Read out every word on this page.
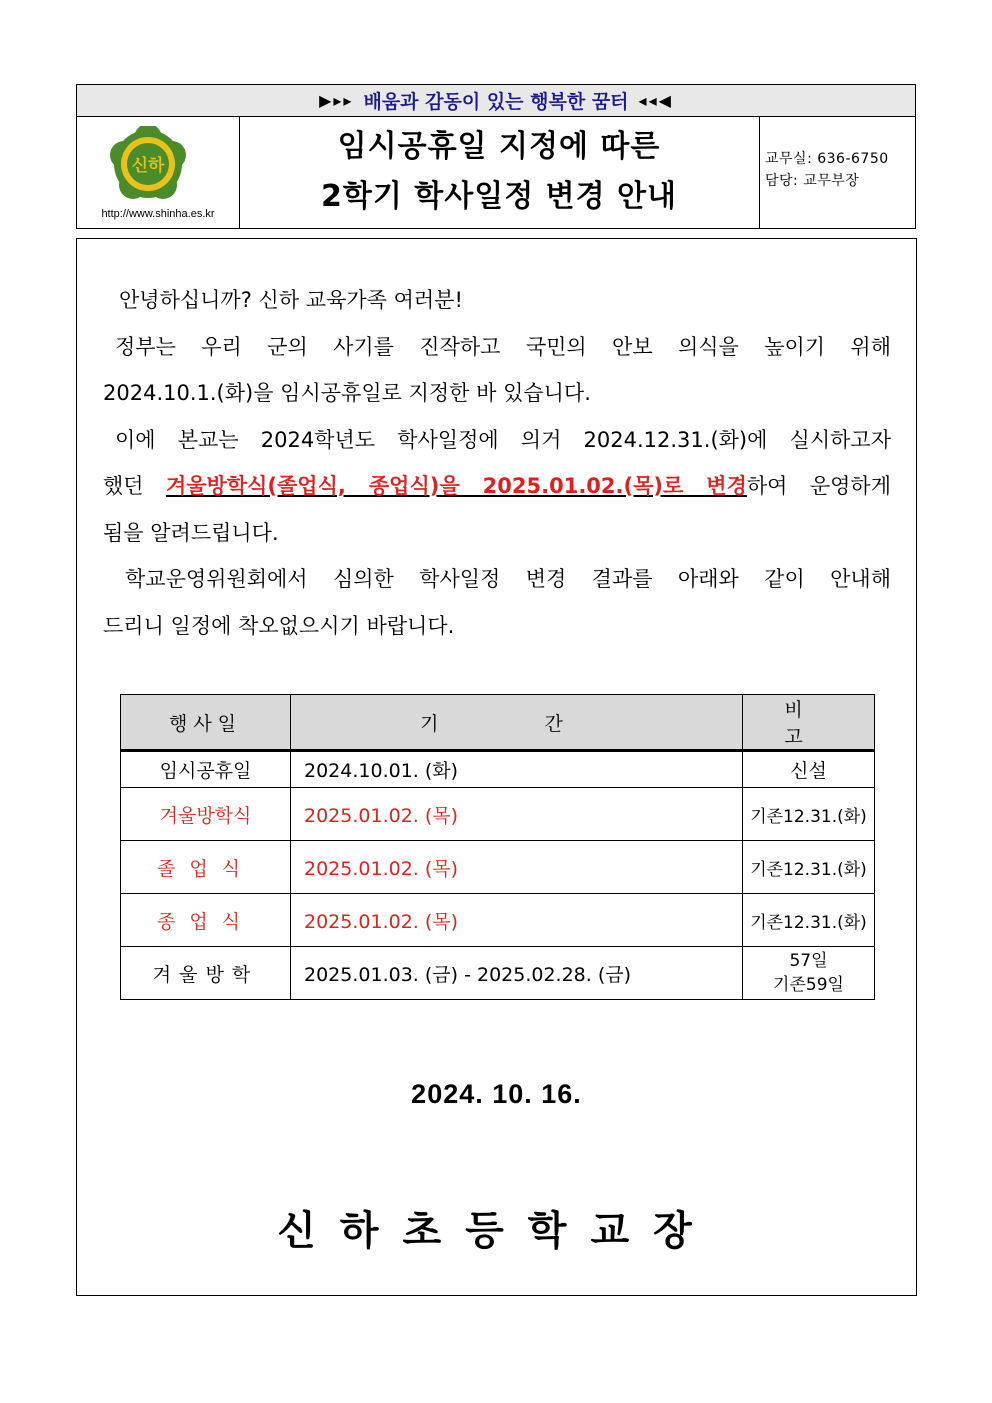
▶▸▸ 배움과 감동이 있는 행복한 꿈터 ◂◂◀
신하
http://www.shinha.es.kr
임시공휴일 지정에 따른
2학기 학사일정 변경 안내
교무실: 636-6750
담당: 교무부장

안녕하십니까? 신하 교육가족 여러분!

정부는 우리 군의 사기를 진작하고 국민의 안보 의식을 높이기 위해

2024.10.1.(화)을 임시공휴일로 지정한 바 있습니다.

이에 본교는 2024학년도 학사일정에 의거 2024.12.31.(화)에 실시하고자

했던 겨울방학식(졸업식, 종업식)을 2025.01.02.(목)로 변경하여 운영하게

됨을 알려드립니다.

학교운영위원회에서 심의한 학사일정 변경 결과를 아래와 같이 안내해

드리니 일정에 착오없으시기 바랍니다.

행사일	기 간	비 고
임시공휴일	2024.10.01. (화)	신설
겨울방학식	2025.01.02. (목)	기존12.31.(화)
졸업식	2025.01.02. (목)	기존12.31.(화)
종업식	2025.01.02. (목)	기존12.31.(화)
겨울방학	2025.01.03. (금) - 2025.02.28. (금)	57일
기존59일
2024. 10. 16.
신하초등학교장
